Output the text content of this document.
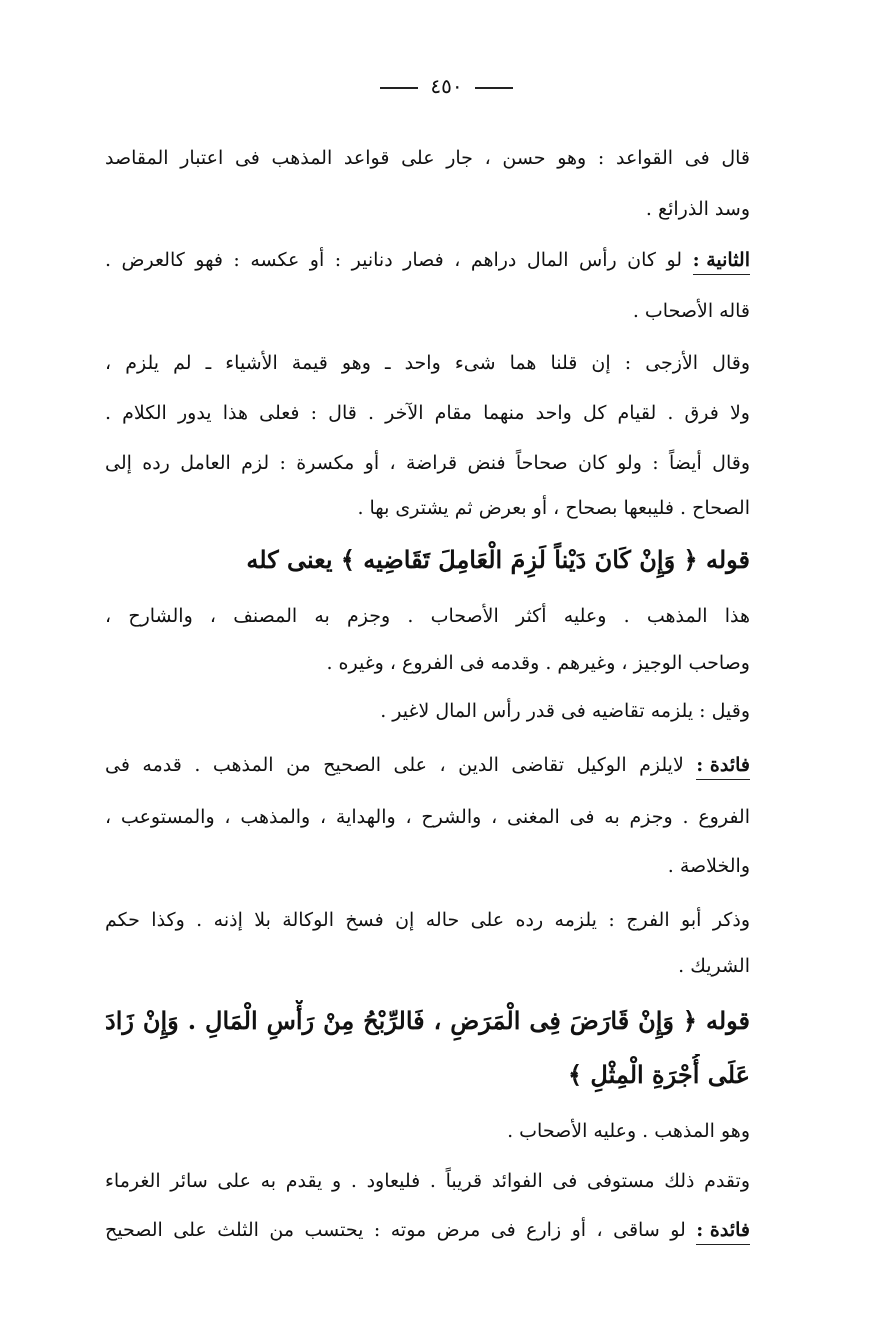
٤٥٠
قال فى القواعد : وهو حسن ، جار على قواعد المذهب فى اعتبار المقاصد
وسد الذرائع .
الثانية : لو كان رأس المال دراهم ، فصار دنانير : أو عكسه : فهو كالعرض .
قاله الأصحاب .
وقال الأزجى : إن قلنا هما شىء واحد ـ وهو قيمة الأشياء ـ لم يلزم ،
ولا فرق . لقيام كل واحد منهما مقام الآخر . قال : فعلى هذا يدور الكلام .
وقال أيضاً : ولو كان صحاحاً فنض قراضة ، أو مكسرة : لزم العامل رده إلى
الصحاح . فليبعها بصحاح ، أو بعرض ثم يشترى بها .
قوله ﴿ وَإِنْ كَانَ دَيْناً لَزِمَ الْعَامِلَ تَقَاضِيه ﴾ يعنى كله
هذا المذهب . وعليه أكثر الأصحاب . وجزم به المصنف ، والشارح ،
وصاحب الوجيز ، وغيرهم . وقدمه فى الفروع ، وغيره .
وقيل : يلزمه تقاضيه فى قدر رأس المال لاغير .
فائدة : لايلزم الوكيل تقاضى الدين ، على الصحيح من المذهب . قدمه فى
الفروع . وجزم به فى المغنى ، والشرح ، والهداية ، والمذهب ، والمستوعب ،
والخلاصة .
وذكر أبو الفرج : يلزمه رده على حاله إن فسخ الوكالة بلا إذنه . وكذا حكم
الشريك .
قوله ﴿ وَإِنْ قَارَضَ فِى الْمَرَضِ ، فَالرِّبْحُ مِنْ رَأْسِ الْمَالِ . وَإِنْ زَادَ
عَلَى أُجْرَةِ الْمِثْلِ ﴾
وهو المذهب . وعليه الأصحاب .
وتقدم ذلك مستوفى فى الفوائد قريباً . فليعاود . و يقدم به على سائر الغرماء
فائدة : لو ساقى ، أو زارع فى مرض موته : يحتسب من الثلث على الصحيح
